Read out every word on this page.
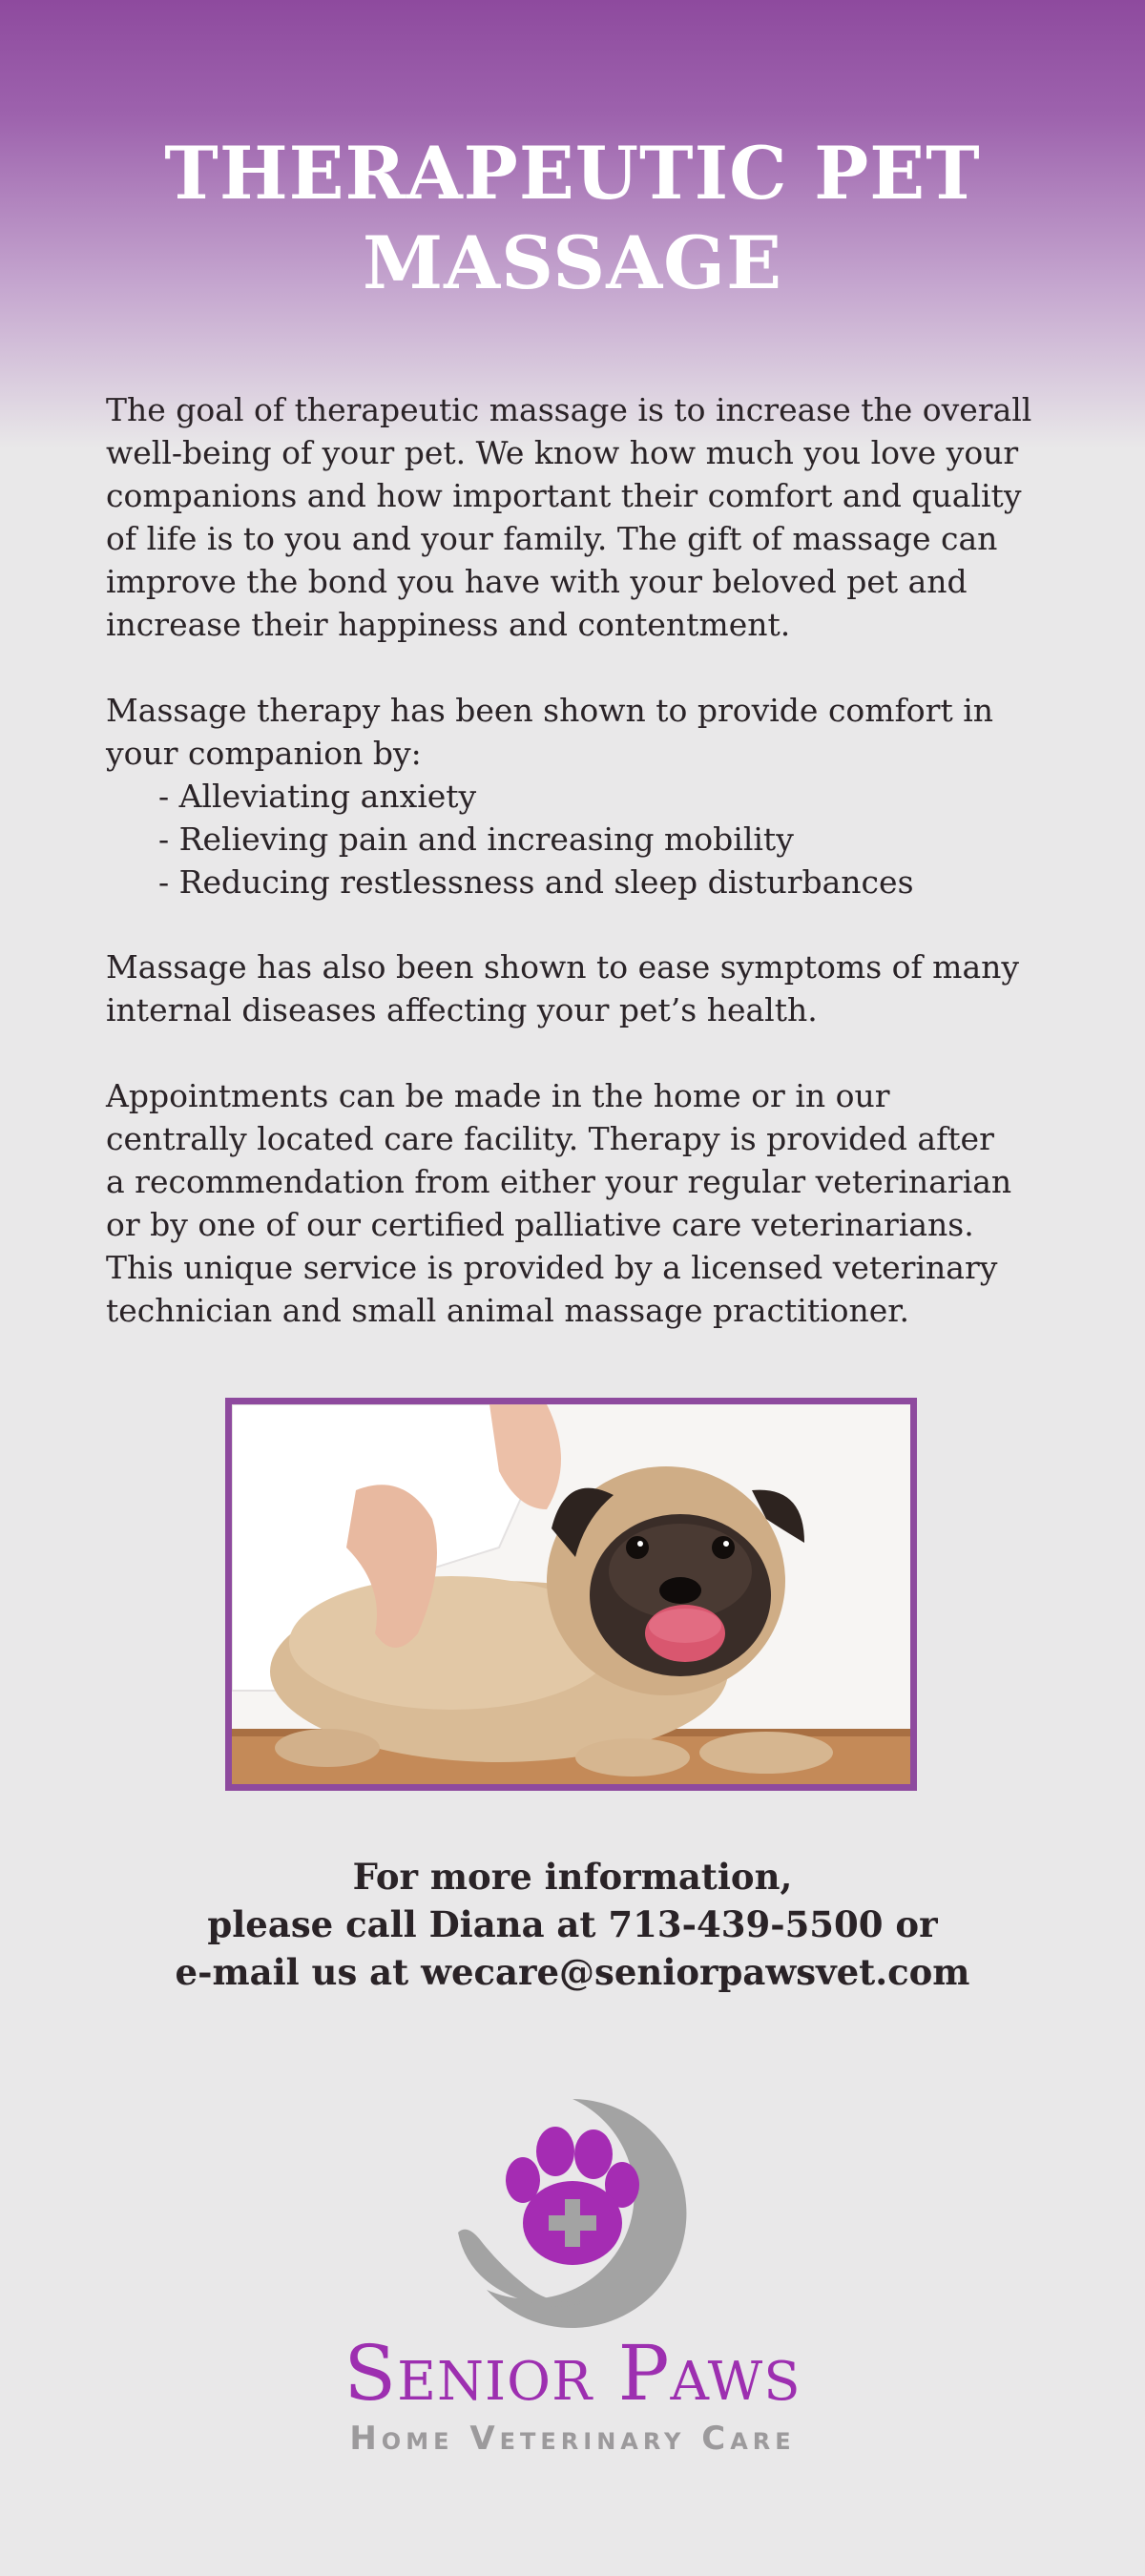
THERAPEUTIC PET
MASSAGE
The goal of therapeutic massage is to increase the overall
well-being of your pet. We know how much you love your
companions and how important their comfort and quality
of life is to you and your family. The gift of massage can
improve the bond you have with your beloved pet and
increase their happiness and contentment.
Massage therapy has been shown to provide comfort in
your companion by:
- Alleviating anxiety
- Relieving pain and increasing mobility
- Reducing restlessness and sleep disturbances
Massage has also been shown to ease symptoms of many
internal diseases affecting your pet’s health.
Appointments can be made in the home or in our
centrally located care facility. Therapy is provided after
a recommendation from either your regular veterinarian
or by one of our certified palliative care veterinarians.
This unique service is provided by a licensed veterinary
technician and small animal massage practitioner.
For more information,
please call Diana at 713-439-5500 or
e-mail us at wecare@seniorpawsvet.com
Senior Paws
Home Veterinary Care
